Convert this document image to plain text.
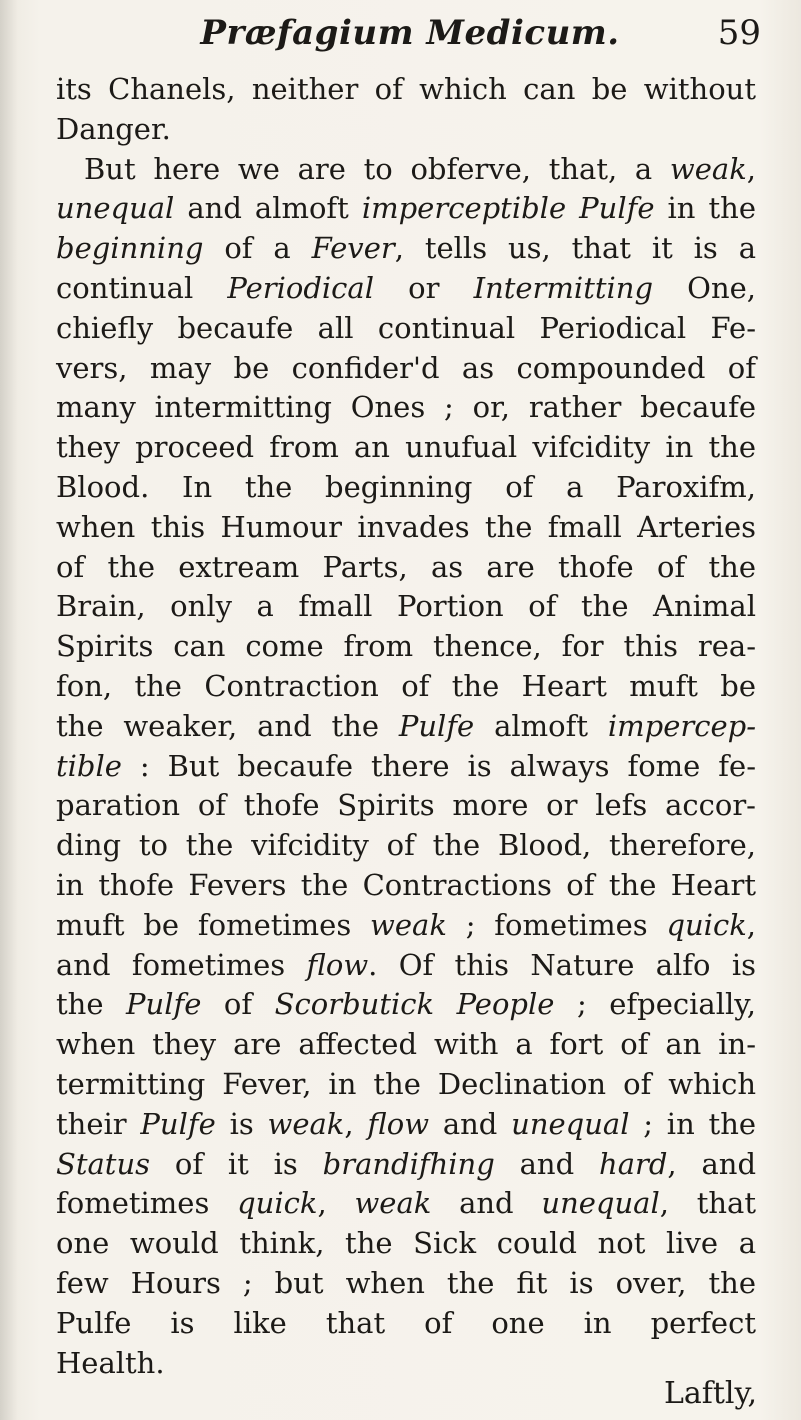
Præfagium Medicum.	59
its Chanels, neither of which can be without
Danger.
But here we are to obferve, that, a weak,
unequal and almoft imperceptible Pulfe in the
beginning of a Fever, tells us, that it is a
continual Periodical or Intermitting One,
chiefly becaufe all continual Periodical Fe-
vers, may be confider'd as compounded of
many intermitting Ones ; or, rather becaufe
they proceed from an unufual vifcidity in the
Blood. In the beginning of a Paroxifm,
when this Humour invades the fmall Arteries
of the extream Parts, as are thofe of the
Brain, only a fmall Portion of the Animal
Spirits can come from thence, for this rea-
fon, the Contraction of the Heart muft be
the weaker, and the Pulfe almoft impercep-
tible : But becaufe there is always fome fe-
paration of thofe Spirits more or lefs accor-
ding to the vifcidity of the Blood, therefore,
in thofe Fevers the Contractions of the Heart
muft be fometimes weak ; fometimes quick,
and fometimes flow. Of this Nature alfo is
the Pulfe of Scorbutick People ; efpecially,
when they are affected with a fort of an in-
termitting Fever, in the Declination of which
their Pulfe is weak, flow and unequal ; in the
Status of it is brandifhing and hard, and
fometimes quick, weak and unequal, that
one would think, the Sick could not live a
few Hours ; but when the fit is over, the
Pulfe is like that of one in perfect
Health.
Laftly,
